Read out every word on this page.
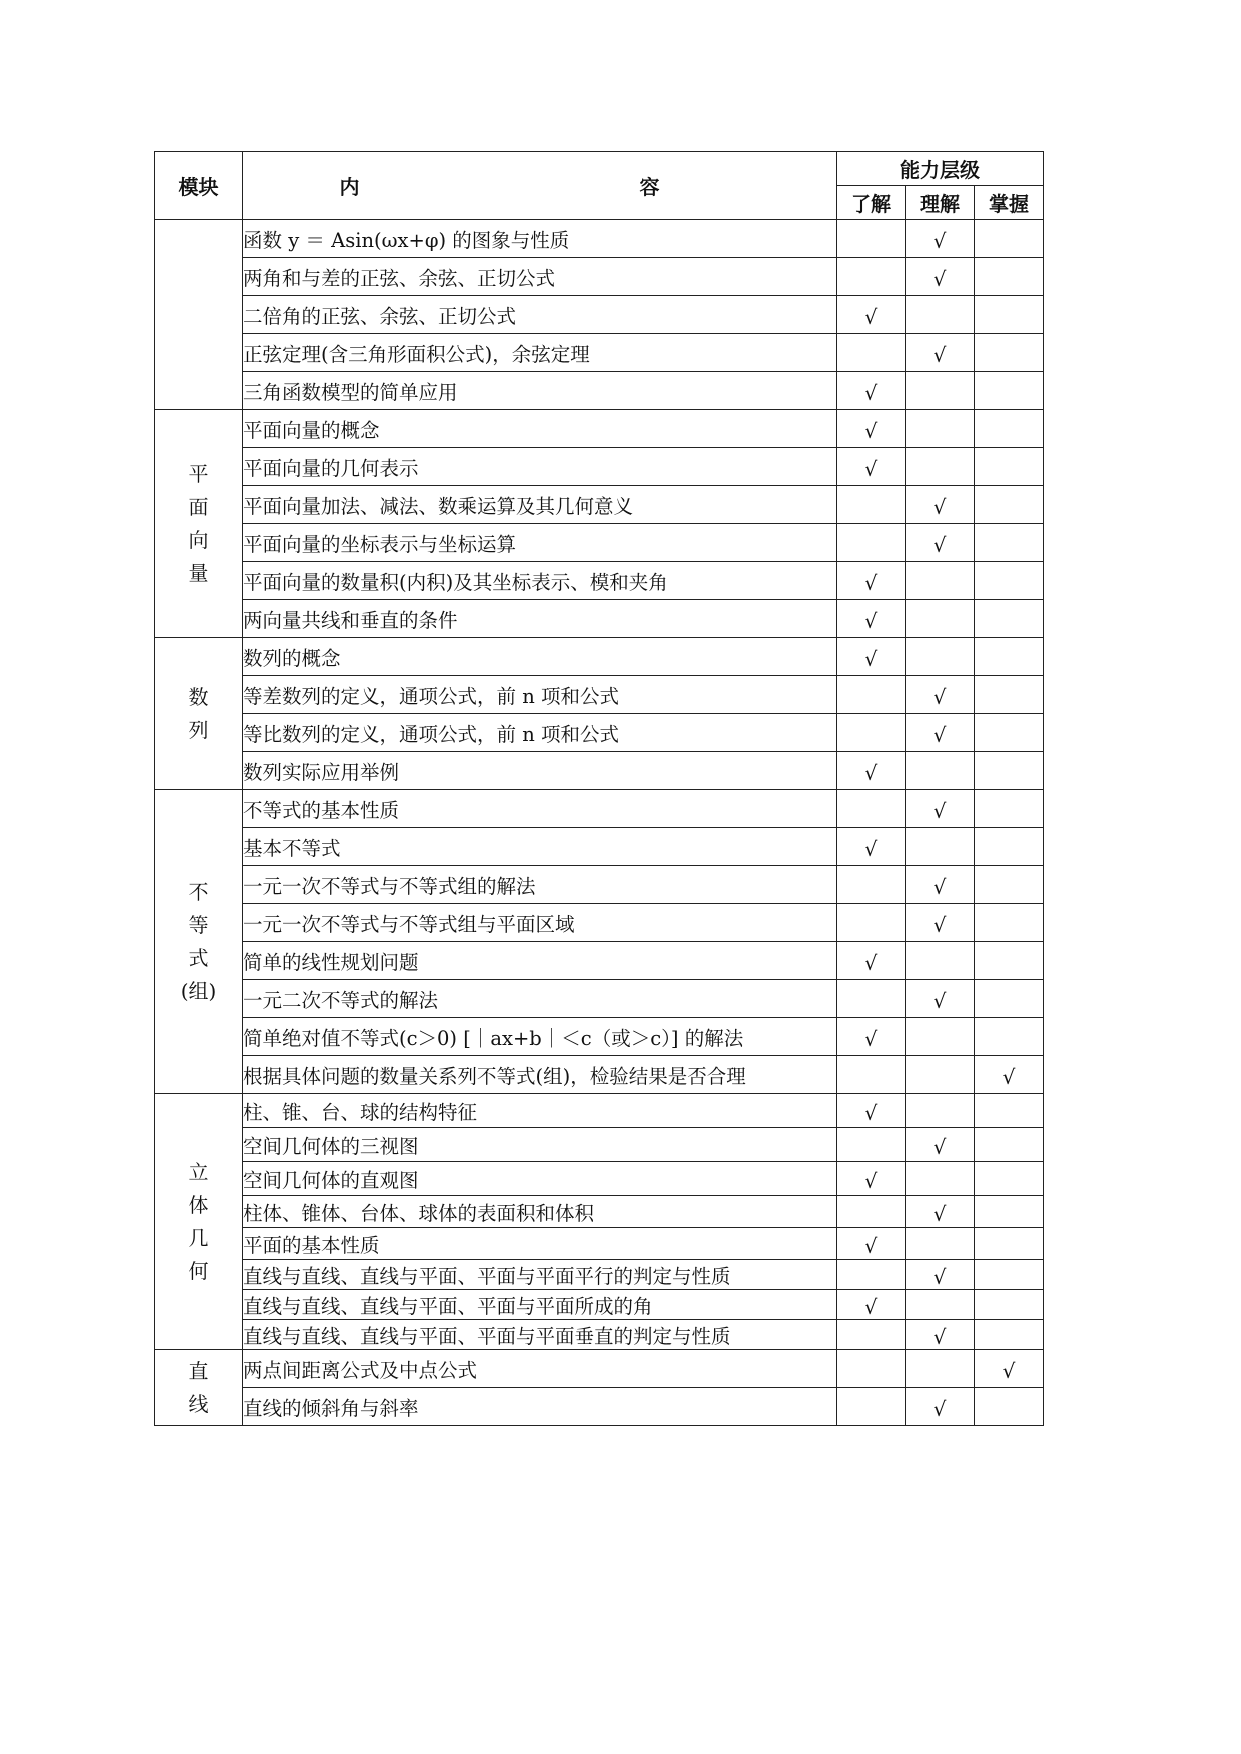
模块	内　　容	能力层级		
		了解	理解	掌握

	函数 y ＝ Asin(ωx+φ) 的图象与性质		√	
	两角和与差的正弦、余弦、正切公式		√	
	二倍角的正弦、余弦、正切公式	√		
	正弦定理(含三角形面积公式)，余弦定理		√	
	三角函数模型的简单应用	√		

平面向量	平面向量的概念	√		
	平面向量的几何表示	√		
	平面向量加法、减法、数乘运算及其几何意义		√	
	平面向量的坐标表示与坐标运算		√	
	平面向量的数量积(内积)及其坐标表示、模和夹角	√		
	两向量共线和垂直的条件	√		

数列	数列的概念	√		
	等差数列的定义，通项公式，前 n 项和公式		√	
	等比数列的定义，通项公式，前 n 项和公式		√	
	数列实际应用举例	√		

不
等
式
(组)	不等式的基本性质		√	
	基本不等式	√		
	一元一次不等式与不等式组的解法		√	
	一元一次不等式与不等式组与平面区域		√	
	简单的线性规划问题	√		
	一元二次不等式的解法		√	
	简单绝对值不等式(c＞0) [｜ax+b｜＜c（或＞c）] 的解法	√		
	根据具体问题的数量关系列不等式(组)，检验结果是否合理			√

立体几何	柱、锥、台、球的结构特征	√		
	空间几何体的三视图		√	
	空间几何体的直观图	√		
	柱体、锥体、台体、球体的表面积和体积		√	
	平面的基本性质	√		
	直线与直线、直线与平面、平面与平面平行的判定与性质		√	
	直线与直线、直线与平面、平面与平面所成的角	√		
	直线与直线、直线与平面、平面与平面垂直的判定与性质		√	

直线	两点间距离公式及中点公式			√
	直线的倾斜角与斜率		√	
